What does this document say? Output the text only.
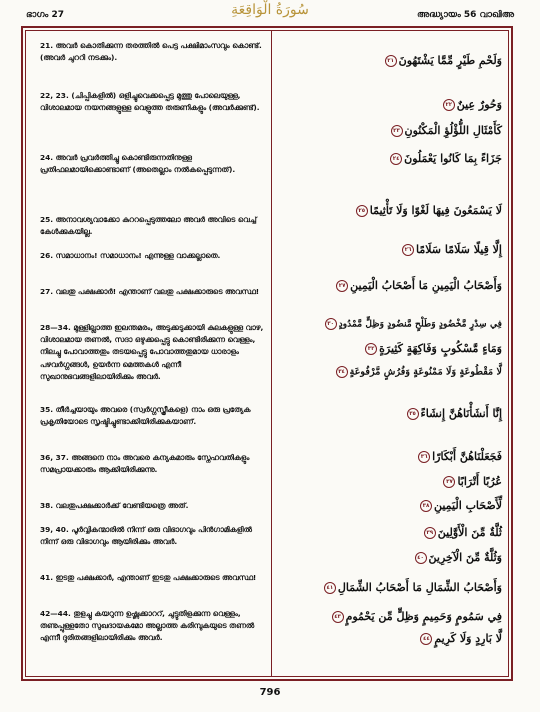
ഭാഗം 27	سُورَةُ الْوَاقِعَةِ	അദ്ധ്യായം 56 വാഖിഅ

21. അവർ കൊതിക്കുന്ന തരത്തിൽ പെട്ട പക്ഷിമാംസവും കൊണ്ട്. (അവർ ചുററി നടക്കും).

22, 23. (ചിപ്പികളിൽ) ഒളിച്ചുവെക്കപ്പെട്ട മുത്തു പോലെയുള്ള, വിശാലമായ നയനങ്ങളുള്ള വെളുത്ത തരുണികളും (അവർക്കുണ്ട്).

24. അവർ പ്രവർത്തിച്ചു കൊണ്ടിരുന്നതിനുള്ള പ്രതിഫലമായിക്കൊണ്ടാണ് (അതെല്ലാം നൽകപ്പെടുന്നത്).

25. അനാവശ്യവാക്കോ കുററപ്പെടുത്തലോ അവർ അവിടെ വെച്ച് കേൾക്കുകയില്ല.

26. സമാധാനം! സമാധാനം! എന്നുള്ള വാക്കല്ലാതെ.

27. വലതു പക്ഷക്കാർ! എന്താണ് വലതു പക്ഷക്കാരുടെ അവസ്ഥ!

28—34. മുള്ളില്ലാത്ത ഇലന്തമരം, അടുക്കടുക്കായി കുലകളുള്ള വാഴ, വിശാലമായ തണൽ, സദാ ഒഴുക്കപ്പെട്ടു കൊണ്ടിരിക്കുന്ന വെള്ളം, നിലച്ചു പോവാത്തതും തടയപ്പെട്ടു പോവാത്തതുമായ ധാരാളം പഴവർഗ്ഗങ്ങൾ, ഉയർന്ന മെത്തകൾ എന്നീ സുഖാനുഭവങ്ങളിലായിരിക്കും അവർ.

35. തീർച്ചയായും അവരെ (സ്വർഗ്ഗസ്ത്രീകളെ) നാം ഒരു പ്രത്യേക പ്രകൃതിയോടെ സൃഷ്ടിച്ചുണ്ടാക്കിയിരിക്കുകയാണ്.

36, 37. അങ്ങനെ നാം അവരെ കന്യകമാരും സ്നേഹവതികളും സമപ്രായക്കാരും ആക്കിയിരിക്കുന്നു.

38. വലതുപക്ഷക്കാർക്ക് വേണ്ടിയത്രെ അത്.

39, 40. പൂർവ്വികന്മാരിൽ നിന്ന് ഒരു വിഭാഗവും പിൻഗാമികളിൽ നിന്ന് ഒരു വിഭാഗവും ആയിരിക്കും അവർ.

41. ഇടതു പക്ഷക്കാർ, എന്താണ് ഇടതു പക്ഷക്കാരുടെ അവസ്ഥ!

42—44. തുളച്ചു കയറുന്ന ഉഷ്ണക്കാററ്, ചുട്ടുതിളക്കുന്ന വെള്ളം, തണുപ്പുള്ളതോ സുഖദായകമോ അല്ലാത്ത കരിമ്പുകയുടെ തണൽ എന്നീ ദുരിതങ്ങളിലായിരിക്കും അവർ.

وَلَحْمِ طَيْرٍ مِّمَّا يَشْتَهُونَ٢١
وَحُورٌ عِينٌ٢٢
كَأَمْثَالِ اللُّؤْلُؤِ الْمَكْنُونِ٢٣
جَزَاءً بِمَا كَانُوا يَعْمَلُونَ٢٤
لَا يَسْمَعُونَ فِيهَا لَغْوًا وَلَا تَأْثِيمًا٢٥
إِلَّا قِيلًا سَلَامًا سَلَامًا٢٦
وَأَصْحَابُ الْيَمِينِ مَا أَصْحَابُ الْيَمِينِ٢٧
فِي سِدْرٍ مَّخْضُودٍ وَطَلْحٍ مَّنضُودٍ وَظِلٍّ مَّمْدُودٍ٣٠
وَمَاءٍ مَّسْكُوبٍ وَفَاكِهَةٍ كَثِيرَةٍ٣٢
لَّا مَقْطُوعَةٍ وَلَا مَمْنُوعَةٍ وَفُرُشٍ مَّرْفُوعَةٍ٣٤
إِنَّا أَنشَأْنَاهُنَّ إِنشَاءً٣٥
فَجَعَلْنَاهُنَّ أَبْكَارًا٣٦
عُرُبًا أَتْرَابًا٣٧
لِّأَصْحَابِ الْيَمِينِ٣٨
ثُلَّةٌ مِّنَ الْأَوَّلِينَ٣٩
وَثُلَّةٌ مِّنَ الْآخِرِينَ٤٠
وَأَصْحَابُ الشِّمَالِ مَا أَصْحَابُ الشِّمَالِ٤١
فِي سَمُومٍ وَحَمِيمٍ وَظِلٍّ مِّن يَحْمُومٍ٤٣
لَّا بَارِدٍ وَلَا كَرِيمٍ٤٤
796
